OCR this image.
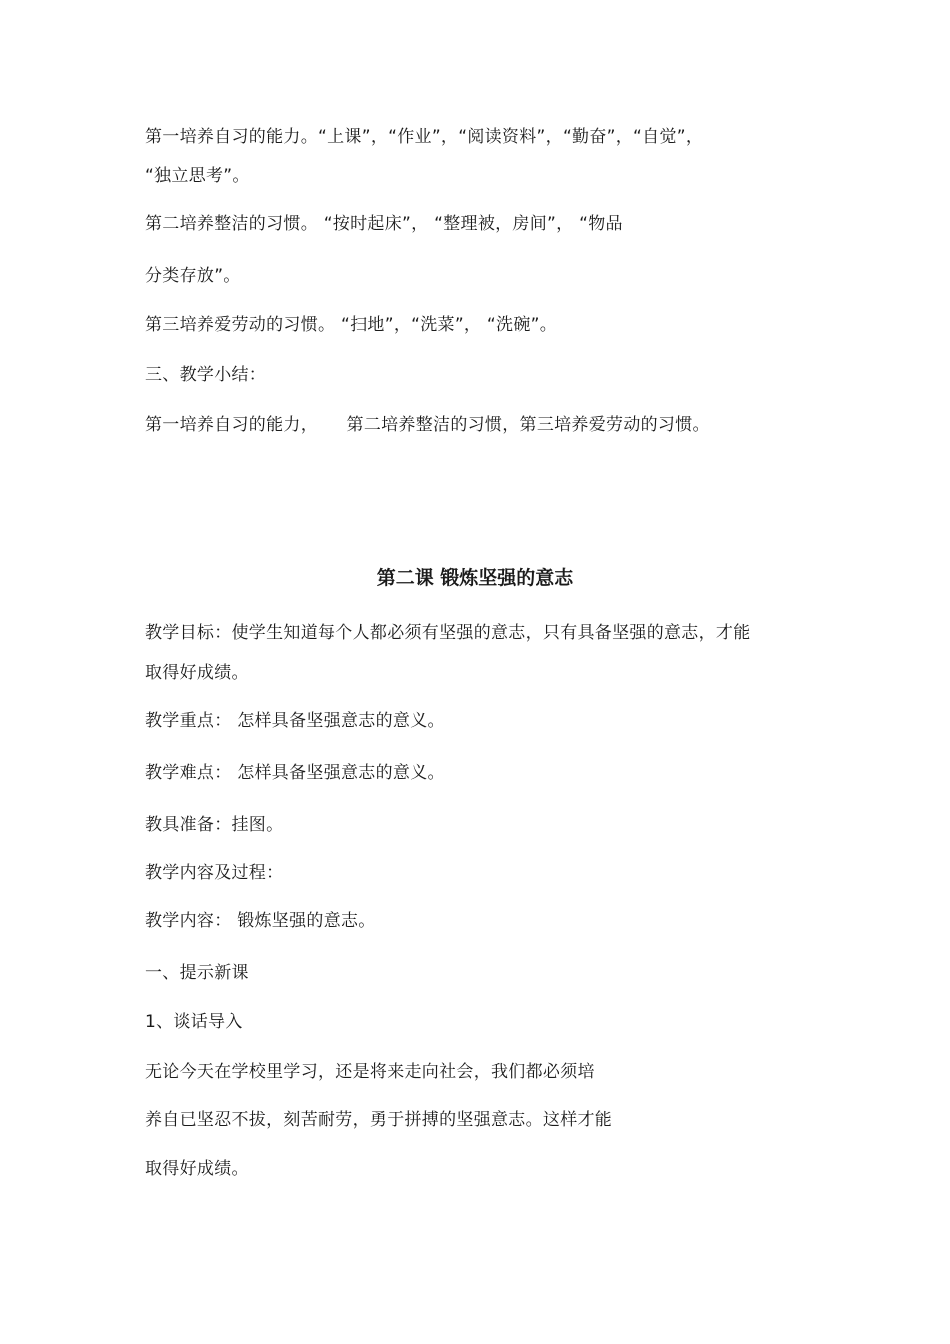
第一培养自习的能力。“上课”，“作业”，“阅读资料”，“勤奋”，“自觉”，
“独立思考”。
第二培养整洁的习惯。 “按时起床”， “整理被，房间”， “物品
分类存放”。
第三培养爱劳动的习惯。 “扫地”，“洗菜”， “洗碗”。
三、教学小结：
第一培养自习的能力，     第二培养整洁的习惯，第三培养爱劳动的习惯。
第二课 锻炼坚强的意志
教学目标：使学生知道每个人都必须有坚强的意志，只有具备坚强的意志，才能
取得好成绩。
教学重点： 怎样具备坚强意志的意义。
教学难点： 怎样具备坚强意志的意义。
教具准备：挂图。
教学内容及过程：
教学内容： 锻炼坚强的意志。
一、提示新课
1、谈话导入
无论今天在学校里学习，还是将来走向社会，我们都必须培
养自已坚忍不拔，刻苦耐劳，勇于拼搏的坚强意志。这样才能
取得好成绩。
